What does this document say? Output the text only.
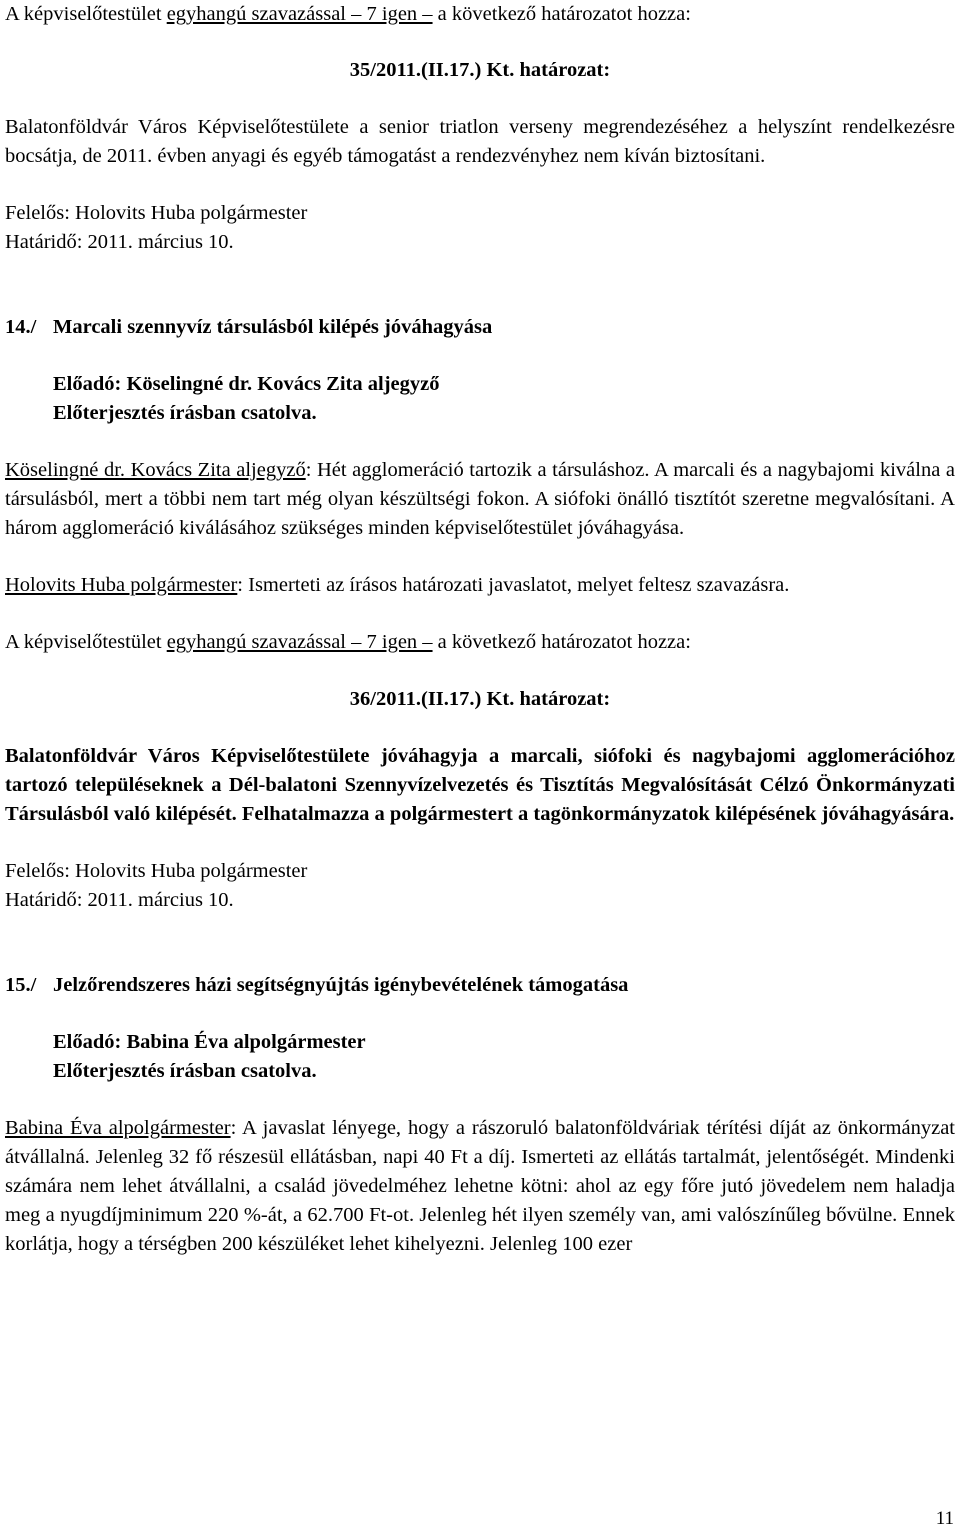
A képviselőtestület egyhangú szavazással – 7 igen – a következő határozatot hozza:

35/2011.(II.17.) Kt. határozat:

Balatonföldvár Város Képviselőtestülete a senior triatlon verseny megrendezéséhez a helyszínt rendelkezésre bocsátja, de 2011. évben anyagi és egyéb támogatást a rendezvényhez nem kíván biztosítani.

Felelős: Holovits Huba polgármester

Határidő: 2011. március 10.

14./ Marcali szennyvíz társulásból kilépés jóváhagyása

Előadó: Köselingné dr. Kovács Zita aljegyző

Előterjesztés írásban csatolva.

Köselingné dr. Kovács Zita aljegyző: Hét agglomeráció tartozik a társuláshoz. A marcali és a nagybajomi kiválna a társulásból, mert a többi nem tart még olyan készültségi fokon. A siófoki önálló tisztítót szeretne megvalósítani. A három agglomeráció kiválásához szükséges minden képviselőtestület jóváhagyása.

Holovits Huba polgármester: Ismerteti az írásos határozati javaslatot, melyet feltesz szavazásra.

A képviselőtestület egyhangú szavazással – 7 igen – a következő határozatot hozza:

36/2011.(II.17.) Kt. határozat:

Balatonföldvár Város Képviselőtestülete jóváhagyja a marcali, siófoki és nagybajomi agglomerációhoz tartozó településeknek a Dél-balatoni Szennyvízelvezetés és Tisztítás Megvalósítását Célzó Önkormányzati Társulásból való kilépését. Felhatalmazza a polgármestert a tagönkormányzatok kilépésének jóváhagyására.

Felelős: Holovits Huba polgármester

Határidő: 2011. március 10.

15./ Jelzőrendszeres házi segítségnyújtás igénybevételének támogatása

Előadó: Babina Éva alpolgármester

Előterjesztés írásban csatolva.

Babina Éva alpolgármester: A javaslat lényege, hogy a rászoruló balatonföldváriak térítési díját az önkormányzat átvállalná. Jelenleg 32 fő részesül ellátásban, napi 40 Ft a díj. Ismerteti az ellátás tartalmát, jelentőségét. Mindenki számára nem lehet átvállalni, a család jövedelméhez lehetne kötni: ahol az egy főre jutó jövedelem nem haladja meg a nyugdíjminimum 220 %-át, a 62.700 Ft-ot. Jelenleg hét ilyen személy van, ami valószínűleg bővülne. Ennek korlátja, hogy a térségben 200 készüléket lehet kihelyezni. Jelenleg 100 ezer

11
